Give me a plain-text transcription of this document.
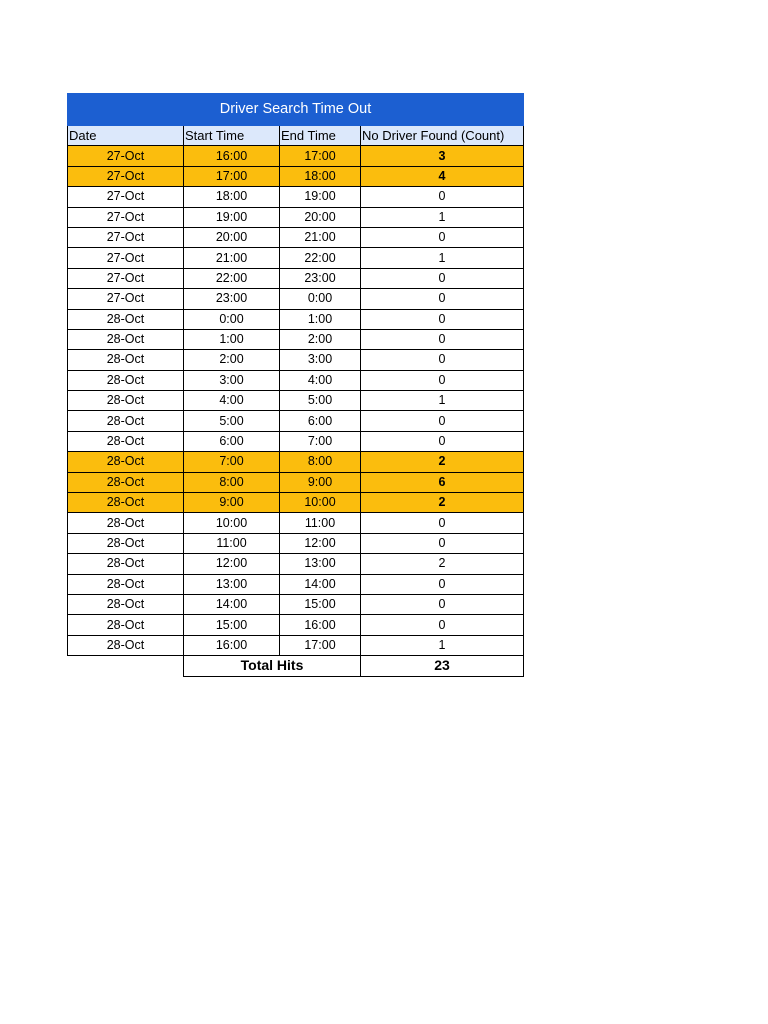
Driver Search Time Out			
Date	Start Time	End Time	No Driver Found (Count)
27-Oct	16:00	17:00	3
27-Oct	17:00	18:00	4
27-Oct	18:00	19:00	0
27-Oct	19:00	20:00	1
27-Oct	20:00	21:00	0
27-Oct	21:00	22:00	1
27-Oct	22:00	23:00	0
27-Oct	23:00	0:00	0
28-Oct	0:00	1:00	0
28-Oct	1:00	2:00	0
28-Oct	2:00	3:00	0
28-Oct	3:00	4:00	0
28-Oct	4:00	5:00	1
28-Oct	5:00	6:00	0
28-Oct	6:00	7:00	0
28-Oct	7:00	8:00	2
28-Oct	8:00	9:00	6
28-Oct	9:00	10:00	2
28-Oct	10:00	11:00	0
28-Oct	11:00	12:00	0
28-Oct	12:00	13:00	2
28-Oct	13:00	14:00	0
28-Oct	14:00	15:00	0
28-Oct	15:00	16:00	0
28-Oct	16:00	17:00	1
	Total Hits		23
